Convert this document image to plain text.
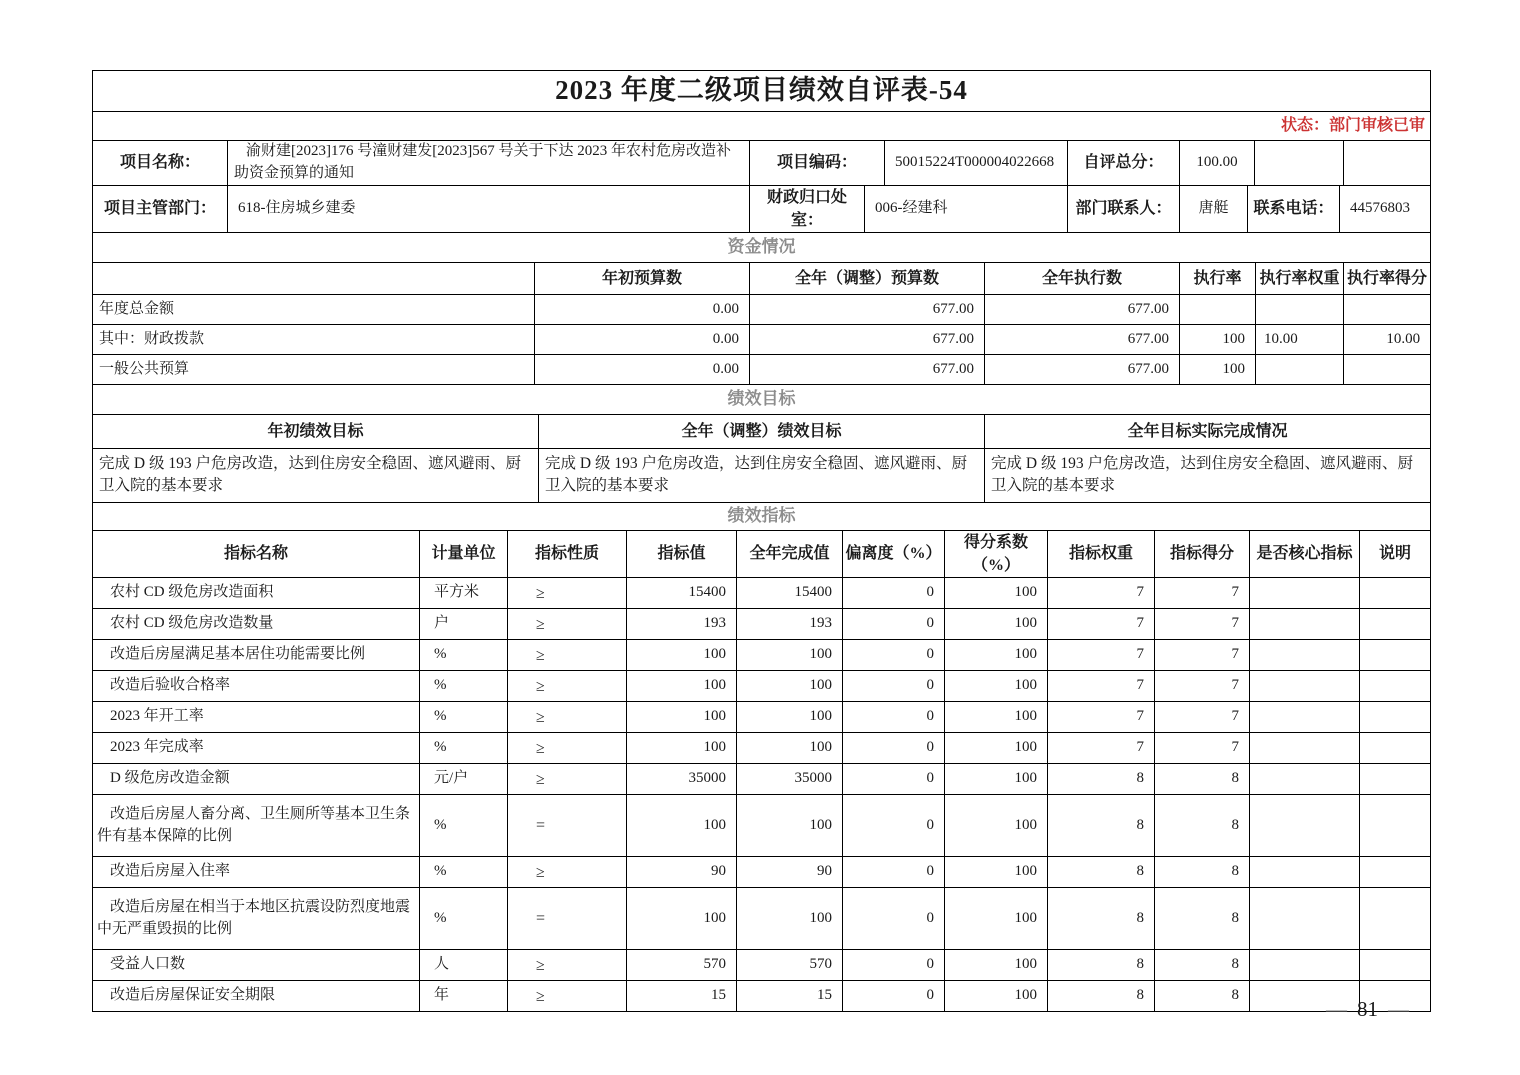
2023 年度二级项目绩效自评表-54
状态：部门审核已审
项目名称：	渝财建[2023]176 号潼财建发[2023]567 号关于下达 2023 年农村危房改造补助资金预算的通知	项目编码：	50015224T000004022668	自评总分：	100.00		
项目主管部门：	618-住房城乡建委	财政归口处室：	006-经建科	部门联系人：	唐艇	联系电话：	44576803
资金情况						
	年初预算数	全年（调整）预算数	全年执行数	执行率	执行率权重	执行率得分
年度总金额	0.00	677.00	677.00			
其中：财政拨款	0.00	677.00	677.00	100	10.00	10.00
一般公共预算	0.00	677.00	677.00	100		
绩效目标		
年初绩效目标	全年（调整）绩效目标	全年目标实际完成情况
完成 D 级 193 户危房改造，达到住房安全稳固、遮风避雨、厨卫入院的基本要求	完成 D 级 193 户危房改造，达到住房安全稳固、遮风避雨、厨卫入院的基本要求	完成 D 级 193 户危房改造，达到住房安全稳固、遮风避雨、厨卫入院的基本要求
绩效指标										
指标名称	计量单位	指标性质	指标值	全年完成值	偏离度（%）	得分系数（%）	指标权重	指标得分	是否核心指标	说明
农村 CD 级危房改造面积	平方米	≥	15400	15400	0	100	7	7		
农村 CD 级危房改造数量	户	≥	193	193	0	100	7	7		
改造后房屋满足基本居住功能需要比例	%	≥	100	100	0	100	7	7		
改造后验收合格率	%	≥	100	100	0	100	7	7		
2023 年开工率	%	≥	100	100	0	100	7	7		
2023 年完成率	%	≥	100	100	0	100	7	7		
D 级危房改造金额	元/户	≥	35000	35000	0	100	8	8		
改造后房屋人畜分离、卫生厕所等基本卫生条件有基本保障的比例	%	=	100	100	0	100	8	8		
改造后房屋入住率	%	≥	90	90	0	100	8	8		
改造后房屋在相当于本地区抗震设防烈度地震中无严重毁损的比例	%	=	100	100	0	100	8	8		
受益人口数	人	≥	570	570	0	100	8	8		
改造后房屋保证安全期限	年	≥	15	15	0	100	8	8		
— 81 —
